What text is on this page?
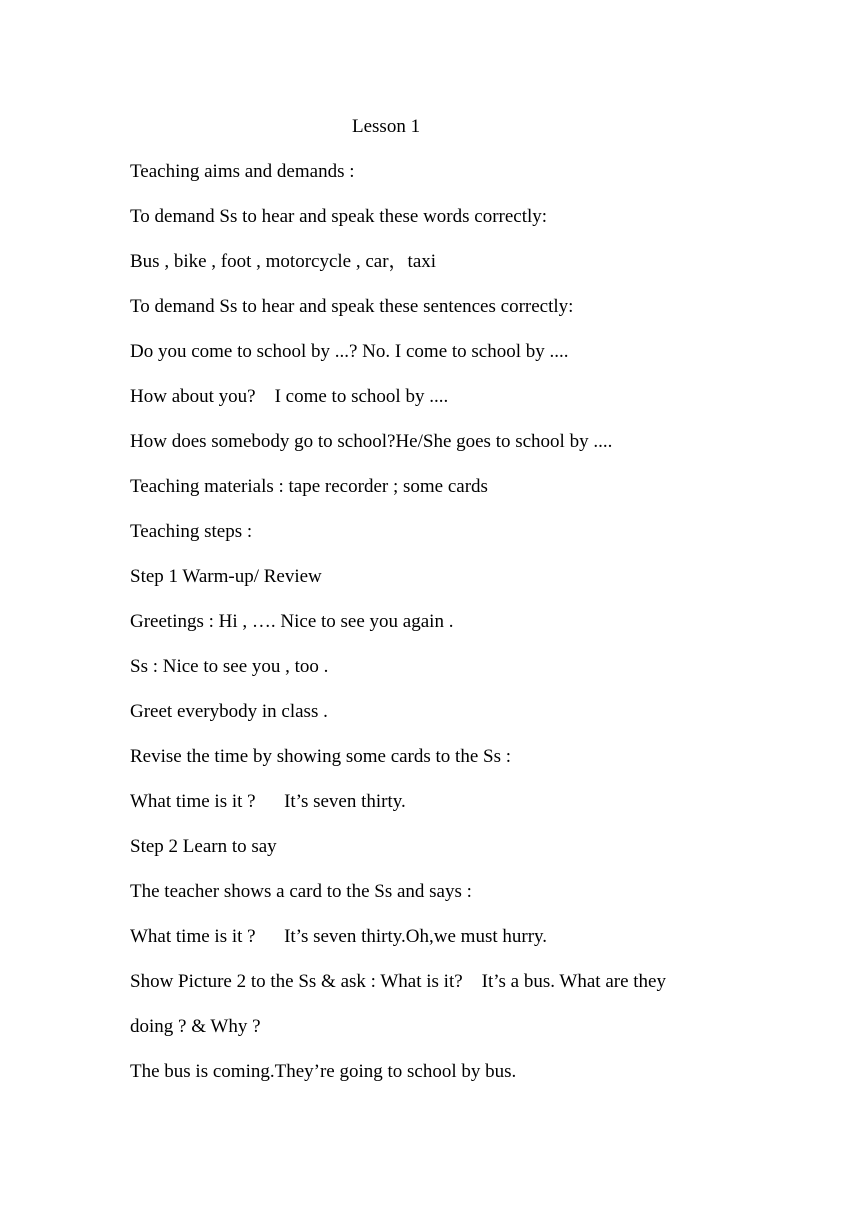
Lesson 1
Teaching aims and demands :
To demand Ss to hear and speak these words correctly:
Bus , bike , foot , motorcycle , car，taxi
To demand Ss to hear and speak these sentences correctly:
Do you come to school by ...? No. I come to school by ....
How about you?    I come to school by ....
How does somebody go to school?He/She goes to school by ....
Teaching materials : tape recorder ; some cards
Teaching steps :
Step 1 Warm-up/ Review
Greetings : Hi , …. Nice to see you again .
Ss : Nice to see you , too .
Greet everybody in class .
Revise the time by showing some cards to the Ss :
What time is it ?      It’s seven thirty.
Step 2 Learn to say
The teacher shows a card to the Ss and says :
What time is it ?      It’s seven thirty.Oh,we must hurry.
Show Picture 2 to the Ss & ask : What is it?    It’s a bus. What are they
doing ? & Why ?
The bus is coming.They’re going to school by bus.
